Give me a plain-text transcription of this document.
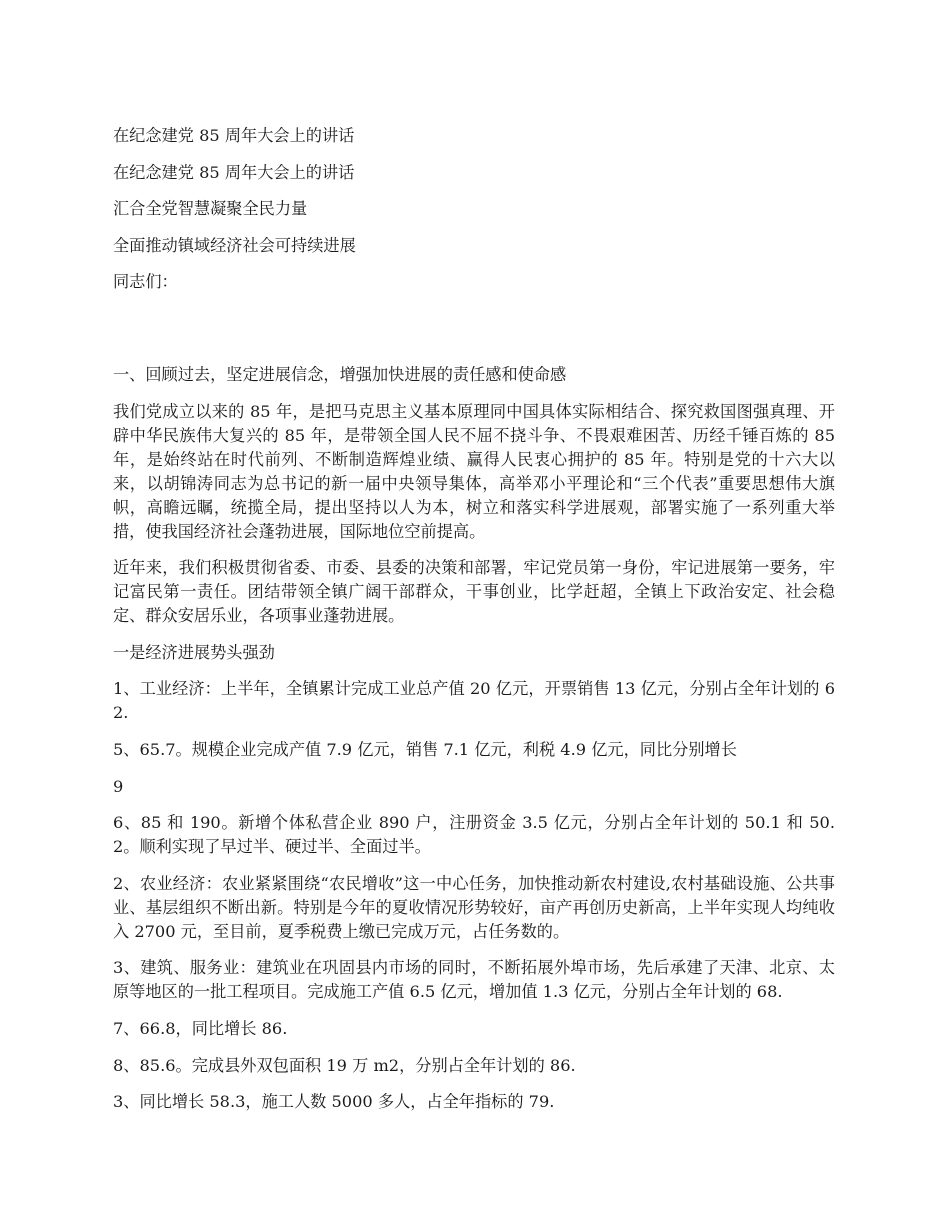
在纪念建党 85 周年大会上的讲话
在纪念建党 85 周年大会上的讲话
汇合全党智慧凝聚全民力量
全面推动镇域经济社会可持续进展
同志们：
一、回顾过去，坚定进展信念，增强加快进展的责任感和使命感
我们党成立以来的 85 年，是把马克思主义基本原理同中国具体实际相结合、探究救国图强真理、开辟中华民族伟大复兴的 85 年，是带领全国人民不屈不挠斗争、不畏艰难困苦、历经千锤百炼的 85 年，是始终站在时代前列、不断制造辉煌业绩、赢得人民衷心拥护的 85 年。特别是党的十六大以来，以胡锦涛同志为总书记的新一届中央领导集体，高举邓小平理论和“三个代表”重要思想伟大旗帜，高瞻远瞩，统揽全局，提出坚持以人为本，树立和落实科学进展观，部署实施了一系列重大举措，使我国经济社会蓬勃进展，国际地位空前提高。
近年来，我们积极贯彻省委、市委、县委的决策和部署，牢记党员第一身份，牢记进展第一要务，牢记富民第一责任。团结带领全镇广阔干部群众，干事创业，比学赶超，全镇上下政治安定、社会稳定、群众安居乐业，各项事业蓬勃进展。
一是经济进展势头强劲
1、工业经济：上半年，全镇累计完成工业总产值 20 亿元，开票销售 13 亿元，分别占全年计划的 62.
5、65.7。规模企业完成产值 7.9 亿元，销售 7.1 亿元，利税 4.9 亿元，同比分别增长
9
6、85 和 190。新增个体私营企业 890 户，注册资金 3.5 亿元，分别占全年计划的 50.1 和 50.2。顺利实现了早过半、硬过半、全面过半。
2、农业经济：农业紧紧围绕“农民增收”这一中心任务，加快推动新农村建设,农村基础设施、公共事业、基层组织不断出新。特别是今年的夏收情况形势较好，亩产再创历史新高，上半年实现人均纯收入 2700 元，至目前，夏季税费上缴已完成万元，占任务数的。
3、建筑、服务业：建筑业在巩固县内市场的同时，不断拓展外埠市场，先后承建了天津、北京、太原等地区的一批工程项目。完成施工产值 6.5 亿元，增加值 1.3 亿元，分别占全年计划的 68.
7、66.8，同比增长 86.
8、85.6。完成县外双包面积 19 万 m2，分别占全年计划的 86.
3、同比增长 58.3，施工人数 5000 多人，占全年指标的 79.
